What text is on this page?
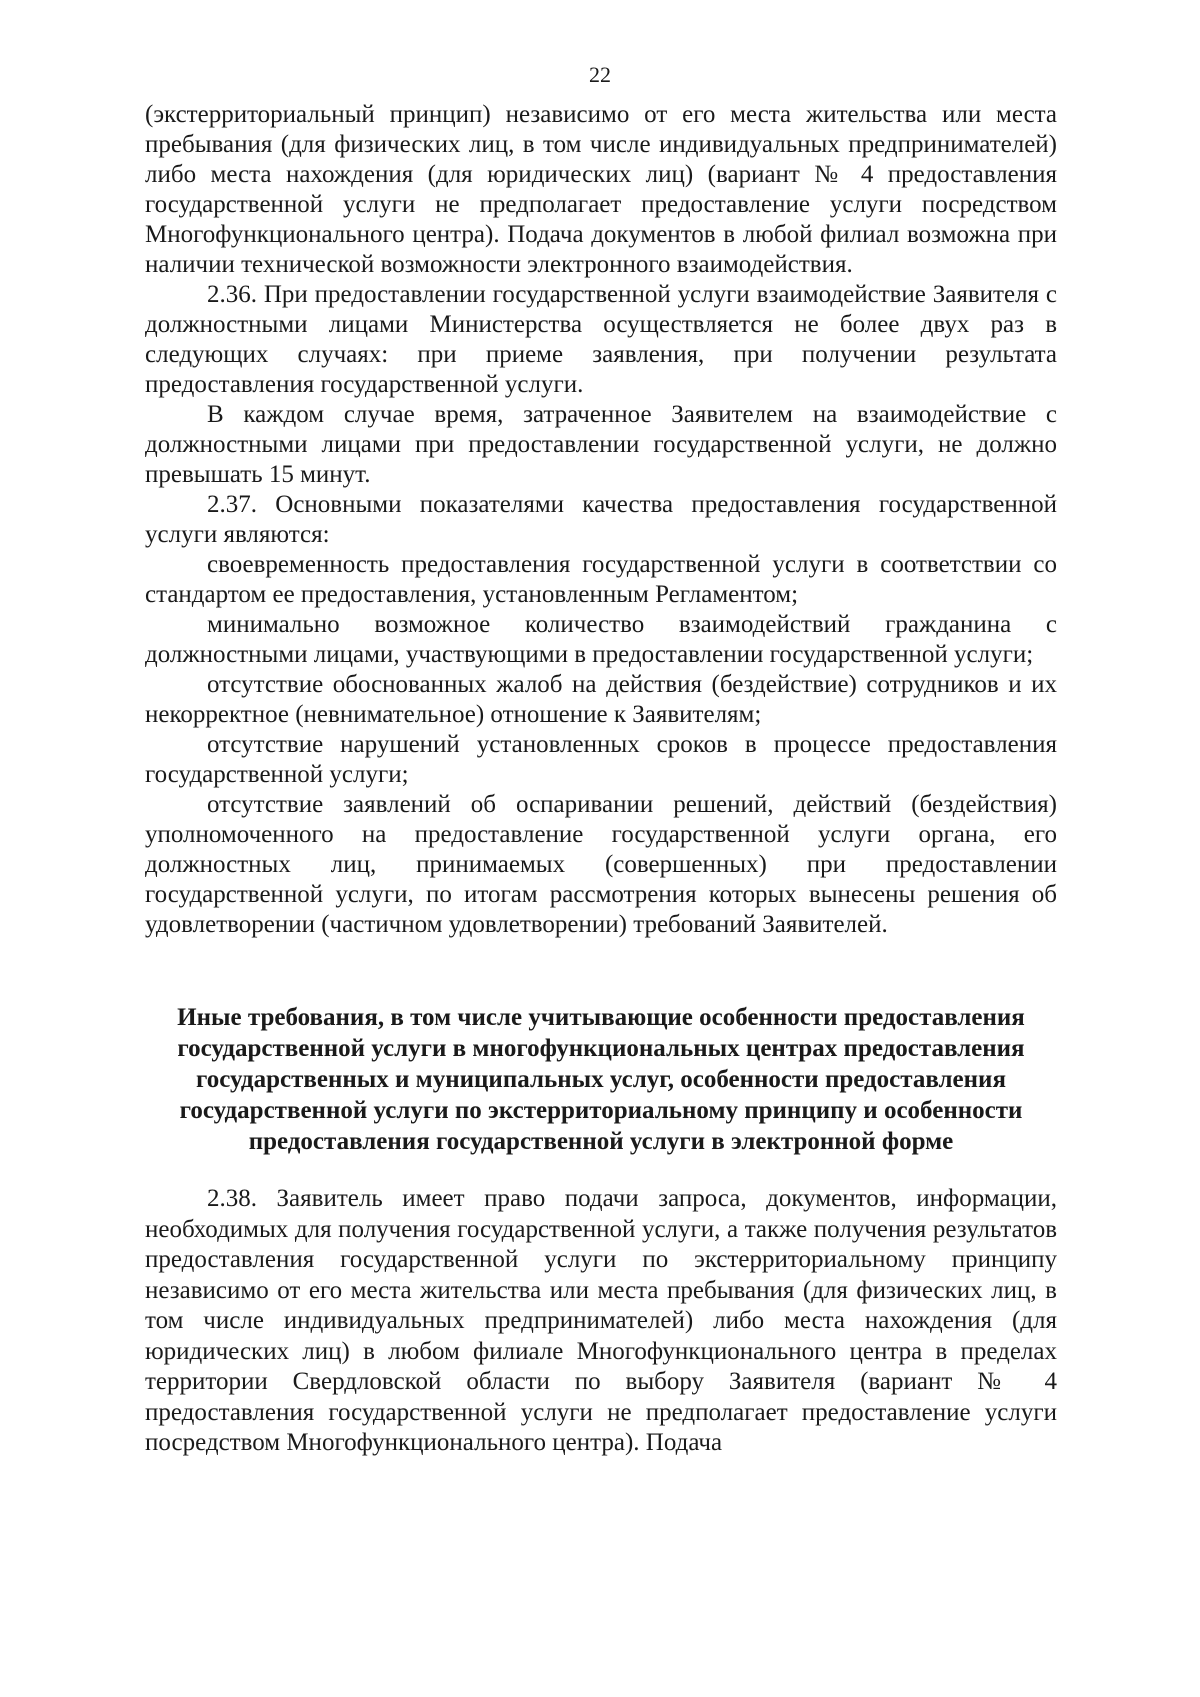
22

(экстерриториальный принцип) независимо от его места жительства или места пребывания (для физических лиц, в том числе индивидуальных предпринимателей) либо места нахождения (для юридических лиц) (вариант № 4 предоставления государственной услуги не предполагает предоставление услуги посредством Многофункционального центра). Подача документов в любой филиал возможна при наличии технической возможности электронного взаимодействия.

2.36. При предоставлении государственной услуги взаимодействие Заявителя с должностными лицами Министерства осуществляется не более двух раз в следующих случаях: при приеме заявления, при получении результата предоставления государственной услуги.

В каждом случае время, затраченное Заявителем на взаимодействие с должностными лицами при предоставлении государственной услуги, не должно превышать 15 минут.

2.37. Основными показателями качества предоставления государственной услуги являются:

своевременность предоставления государственной услуги в соответствии со стандартом ее предоставления, установленным Регламентом;

минимально возможное количество взаимодействий гражданина с должностными лицами, участвующими в предоставлении государственной услуги;

отсутствие обоснованных жалоб на действия (бездействие) сотрудников и их некорректное (невнимательное) отношение к Заявителям;

отсутствие нарушений установленных сроков в процессе предоставления государственной услуги;

отсутствие заявлений об оспаривании решений, действий (бездействия) уполномоченного на предоставление государственной услуги органа, его должностных лиц, принимаемых (совершенных) при предоставлении государственной услуги, по итогам рассмотрения которых вынесены решения об удовлетворении (частичном удовлетворении) требований Заявителей.

Иные требования, в том числе учитывающие особенности предоставления

государственной услуги в многофункциональных центрах предоставления

государственных и муниципальных услуг, особенности предоставления

государственной услуги по экстерриториальному принципу и особенности

предоставления государственной услуги в электронной форме

2.38. Заявитель имеет право подачи запроса, документов, информации, необходимых для получения государственной услуги, а также получения результатов предоставления государственной услуги по экстерриториальному принципу независимо от его места жительства или места пребывания (для физических лиц, в том числе индивидуальных предпринимателей) либо места нахождения (для юридических лиц) в любом филиале Многофункционального центра в пределах территории Свердловской области по выбору Заявителя (вариант № 4 предоставления государственной услуги не предполагает предоставление услуги посредством Многофункционального центра). Подача
